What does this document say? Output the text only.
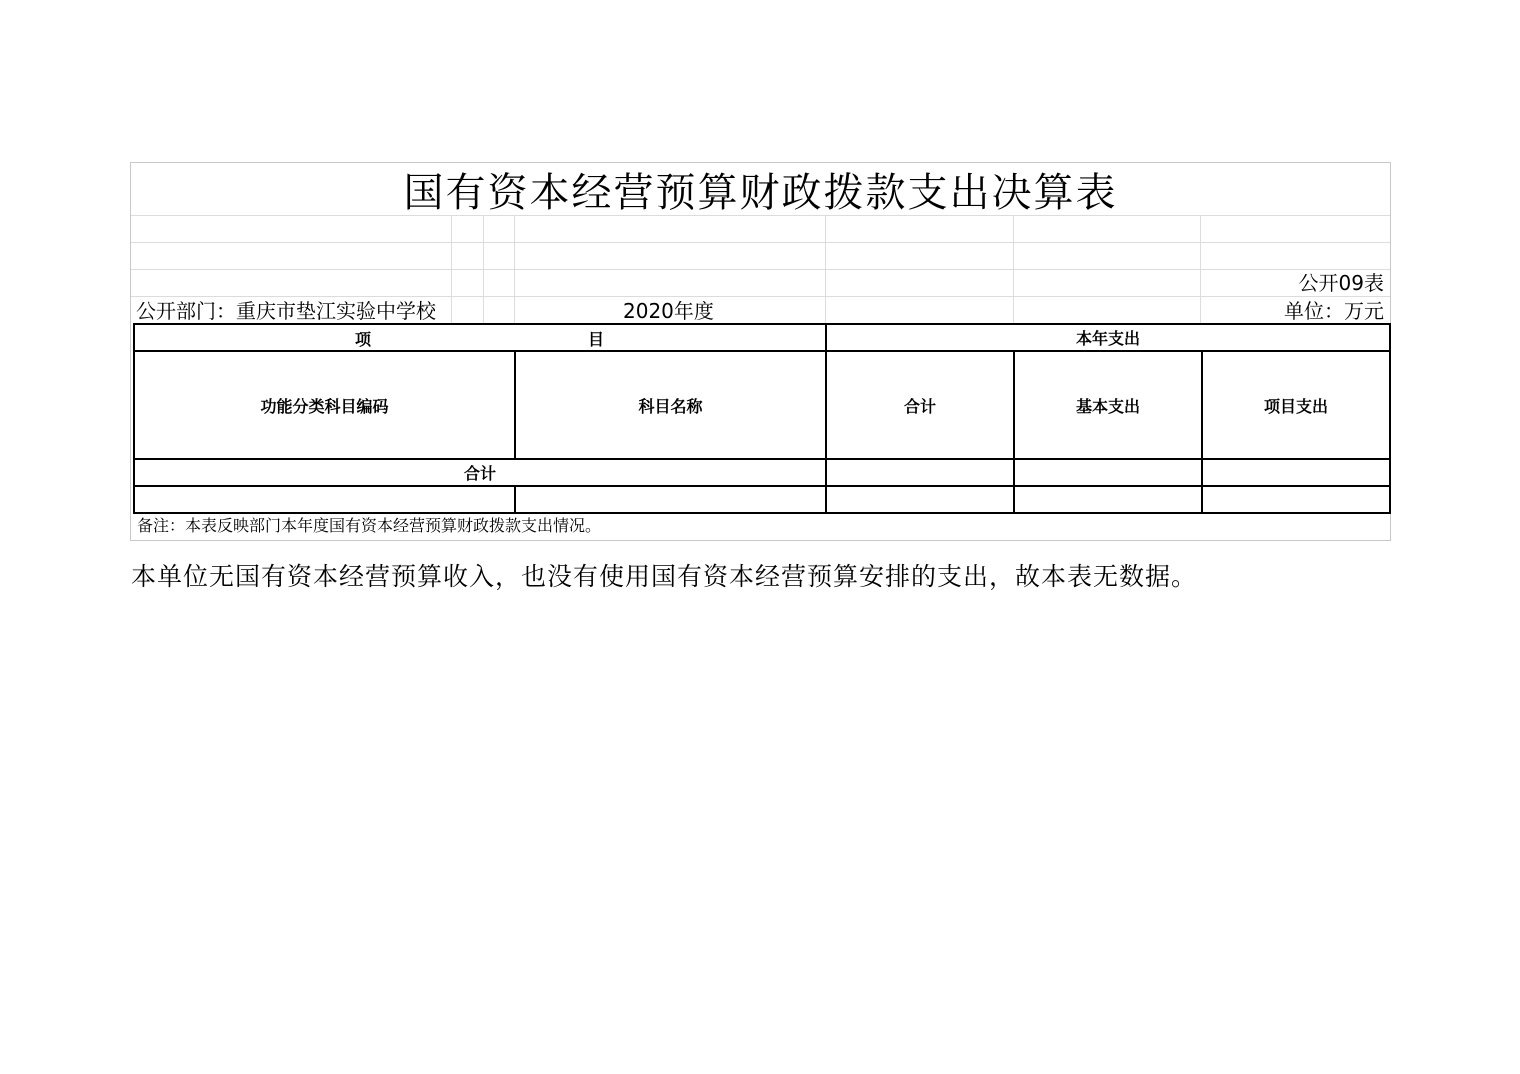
国有资本经营预算财政拨款支出决算表
公开09表
公开部门：重庆市垫江实验中学校	2020年度	单位：万元
项 目		本年支出		
功能分类科目编码	科目名称	合计	基本支出	项目支出
合计				

备注：本表反映部门本年度国有资本经营预算财政拨款支出情况。
本单位无国有资本经营预算收入，也没有使用国有资本经营预算安排的支出，故本表无数据。
